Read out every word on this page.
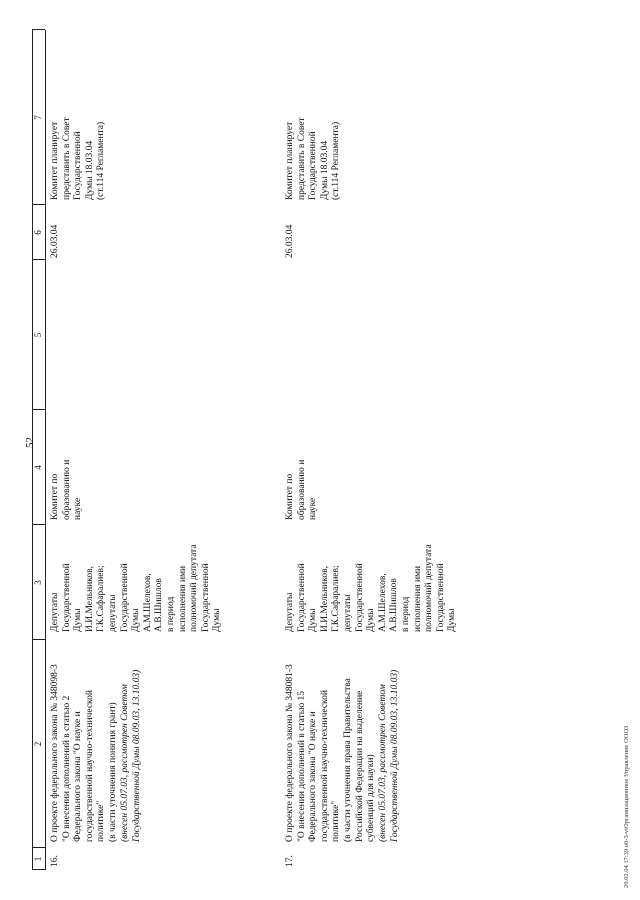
52
20.02.04 17:39 о0-3-vtОрганизационное Управление ООО3
1
2
3
4
5
6
7
16.
О проекте федерального закона № 348098-3
"О внесении дополнений в статью 2
Федерального закона "О науке и
государственной научно-технической
политике"
(в части уточнения понятия грант)
(внесен 05.07.03, рассмотрен Советом
Государственной Думы 08.09.03, 13.10.03)
Депутаты
Государственной
Думы
И.И.Мельников,
Г.К.Сафаралиев;
депутаты
Государственной
Думы
А.М.Шелехов,
А.В.Шишлов
в период
исполнения ими
полномочий депутата
Государственной
Думы
Комитет по
образованию и
науке
26.03.04
Комитет планирует
представить в Совет
Государственной
Думы 18.03.04
(ст.114 Регламента)
17.
О проекте федерального закона № 348081-3
"О внесении дополнений в статью 15
Федерального закона "О науке и
государственной научно-технической
политике"
(в части уточнения права Правительства
Российской Федерации на выделение
субвенций для науки)
(внесен 05.07.03, рассмотрен Советом
Государственной Думы 08.09.03, 13.10.03)
Депутаты
Государственной
Думы
И.И.Мельников,
Г.К.Сафаралиев;
депутаты
Государственной
Думы
А.М.Шелехов,
А.В.Шишлов
в период
исполнения ими
полномочий депутата
Государственной
Думы
Комитет по
образованию и
науке
26.03.04
Комитет планирует
представить в Совет
Государственной
Думы 18.03.04
(ст.114 Регламента)
